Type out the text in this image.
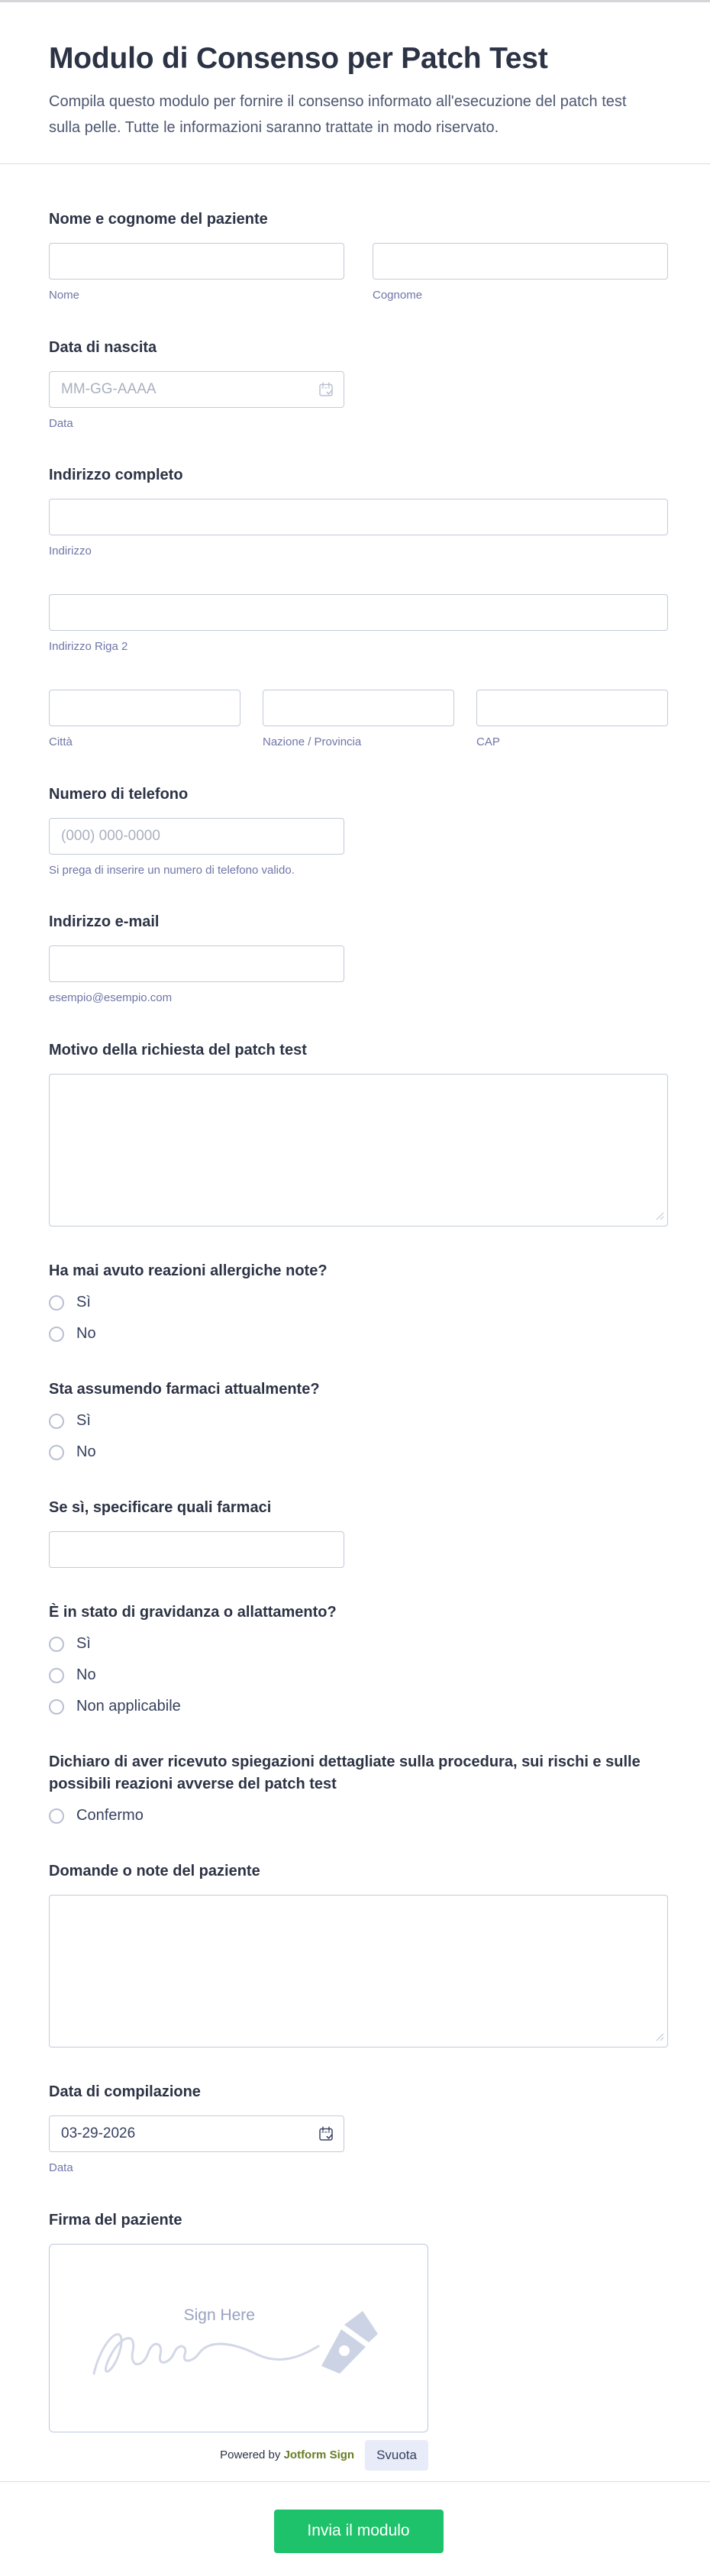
Modulo di Consenso per Patch Test

Compila questo modulo per fornire il consenso informato all'esecuzione del patch test sulla pelle. Tutte le informazioni saranno trattate in modo riservato.

Nome e cognome del paziente
Nome	Cognome
Data di nascita
MM-GG-AAAA
Data
Indirizzo completo
Indirizzo
Indirizzo Riga 2
Città	Nazione / Provincia	CAP
Numero di telefono
(000) 000-0000
Si prega di inserire un numero di telefono valido.
Indirizzo e-mail
esempio@esempio.com
Motivo della richiesta del patch test
Ha mai avuto reazioni allergiche note?
Sì
No
Sta assumendo farmaci attualmente?
Sì
No
Se sì, specificare quali farmaci
È in stato di gravidanza o allattamento?
Sì
No
Non applicabile
Dichiaro di aver ricevuto spiegazioni dettagliate sulla procedura, sui rischi e sulle possibili reazioni avverse del patch test
Confermo
Domande o note del paziente
Data di compilazione
03-29-2026
Data
Firma del paziente
Sign Here
Powered by Jotform Sign	Svuota
Invia il modulo
